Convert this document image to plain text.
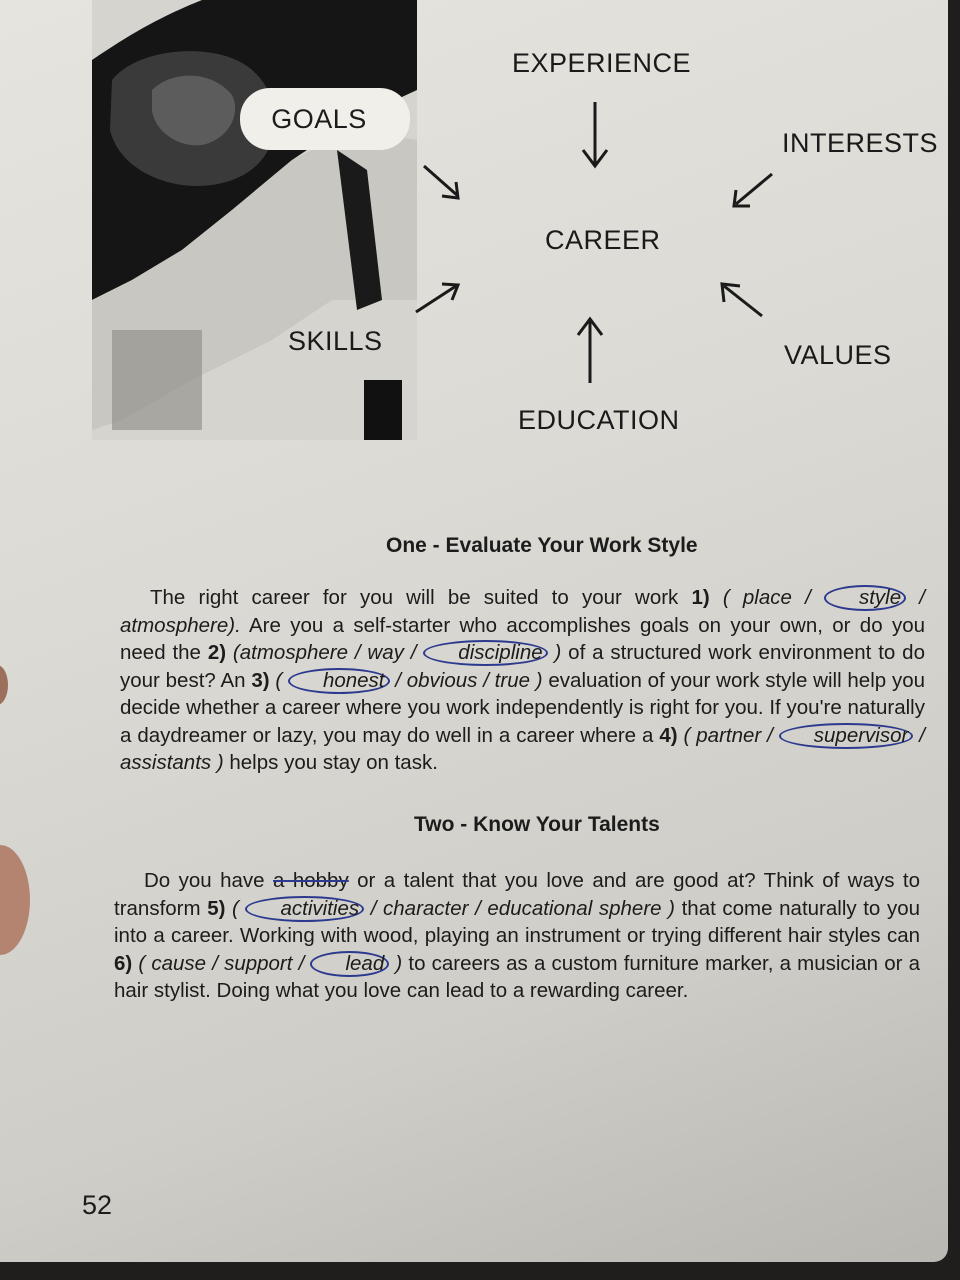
GOALS
EXPERIENCE
INTERESTS
CAREER
SKILLS	VALUES
EDUCATION
One - Evaluate Your Work Style

The right career for you will be suited to your work 1) ( place / style / atmosphere). Are you a self-starter who accomplishes goals on your own, or do you need the 2) (atmosphere / way / discipline ) of a structured work environment to do your best? An 3) ( honest / obvious / true ) evaluation of your work style will help you decide whether a career where you work independently is right for you. If you're naturally a daydreamer or lazy, you may do well in a career where a 4) ( partner / supervisor / assistants ) helps you stay on task.

Two - Know Your Talents

Do you have a hobby or a talent that you love and are good at? Think of ways to transform 5) ( activities / character / educational sphere ) that come naturally to you into a career. Working with wood, playing an instrument or trying different hair styles can 6) ( cause / support / lead ) to careers as a custom furniture marker, a musician or a hair stylist. Doing what you love can lead to a rewarding career.

52
